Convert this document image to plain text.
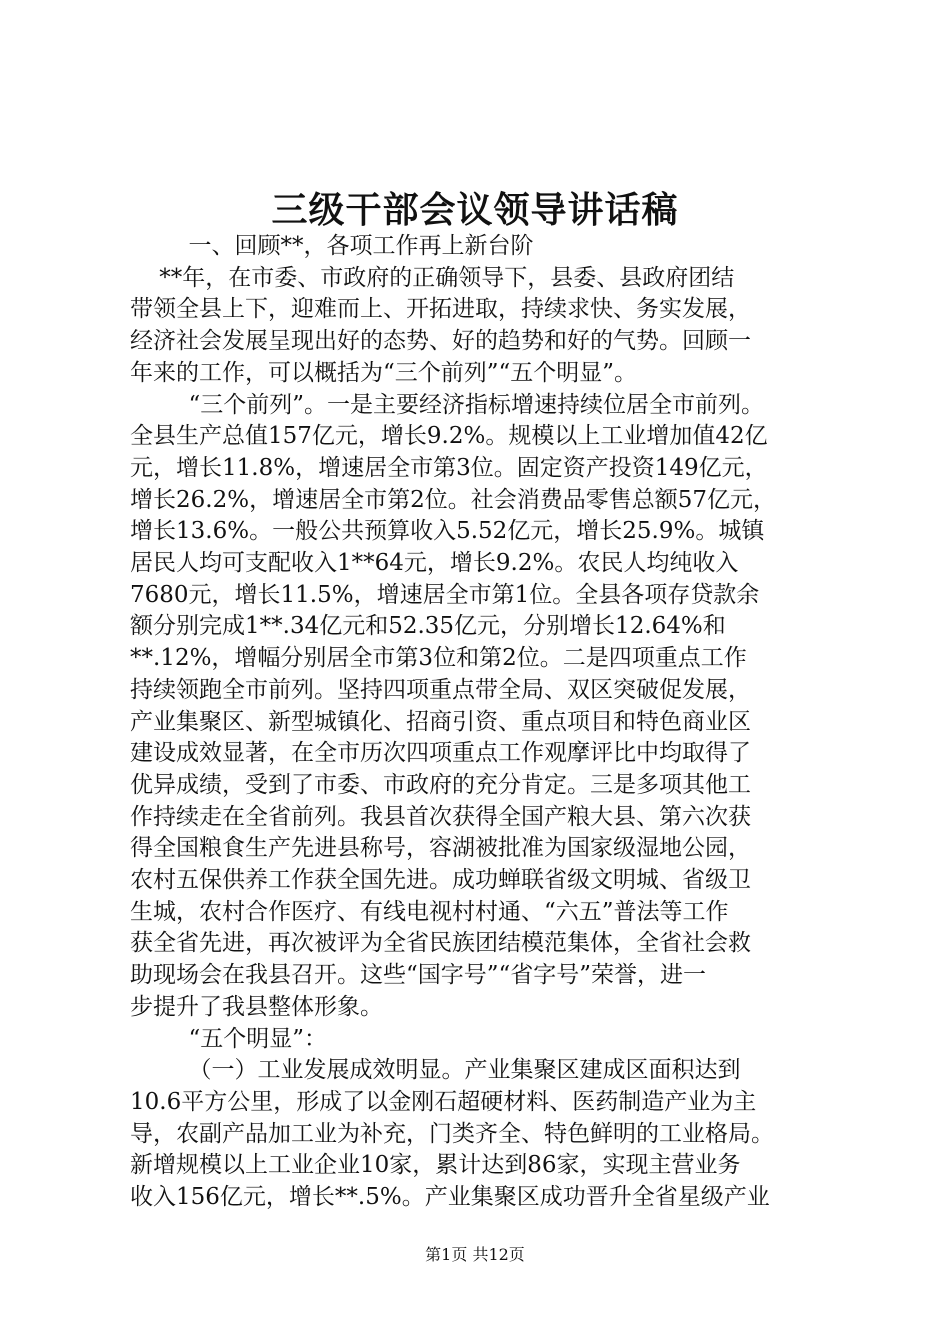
三级干部会议领导讲话稿
一、回顾**，各项工作再上新台阶
**年，在市委、市政府的正确领导下，县委、县政府团结
带领全县上下，迎难而上、开拓进取，持续求快、务实发展，
经济社会发展呈现出好的态势、好的趋势和好的气势。回顾一
年来的工作，可以概括为“三个前列”“五个明显”。
“三个前列”。一是主要经济指标增速持续位居全市前列。
全县生产总值157亿元，增长9.2%。规模以上工业增加值42亿
元，增长11.8%，增速居全市第3位。固定资产投资149亿元，
增长26.2%，增速居全市第2位。社会消费品零售总额57亿元，
增长13.6%。一般公共预算收入5.52亿元，增长25.9%。城镇
居民人均可支配收入1**64元，增长9.2%。农民人均纯收入
7680元，增长11.5%，增速居全市第1位。全县各项存贷款余
额分别完成1**.34亿元和52.35亿元，分别增长12.64%和
**.12%，增幅分别居全市第3位和第2位。二是四项重点工作
持续领跑全市前列。坚持四项重点带全局、双区突破促发展，
产业集聚区、新型城镇化、招商引资、重点项目和特色商业区
建设成效显著，在全市历次四项重点工作观摩评比中均取得了
优异成绩，受到了市委、市政府的充分肯定。三是多项其他工
作持续走在全省前列。我县首次获得全国产粮大县、第六次获
得全国粮食生产先进县称号，容湖被批准为国家级湿地公园，
农村五保供养工作获全国先进。成功蝉联省级文明城、省级卫
生城，农村合作医疗、有线电视村村通、“六五”普法等工作
获全省先进，再次被评为全省民族团结模范集体，全省社会救
助现场会在我县召开。这些“国字号”“省字号”荣誉，进一
步提升了我县整体形象。
“五个明显”：
（一）工业发展成效明显。产业集聚区建成区面积达到
10.6平方公里，形成了以金刚石超硬材料、医药制造产业为主
导，农副产品加工业为补充，门类齐全、特色鲜明的工业格局。
新增规模以上工业企业10家，累计达到86家，实现主营业务
收入156亿元，增长**.5%。产业集聚区成功晋升全省星级产业
第1页 共12页
